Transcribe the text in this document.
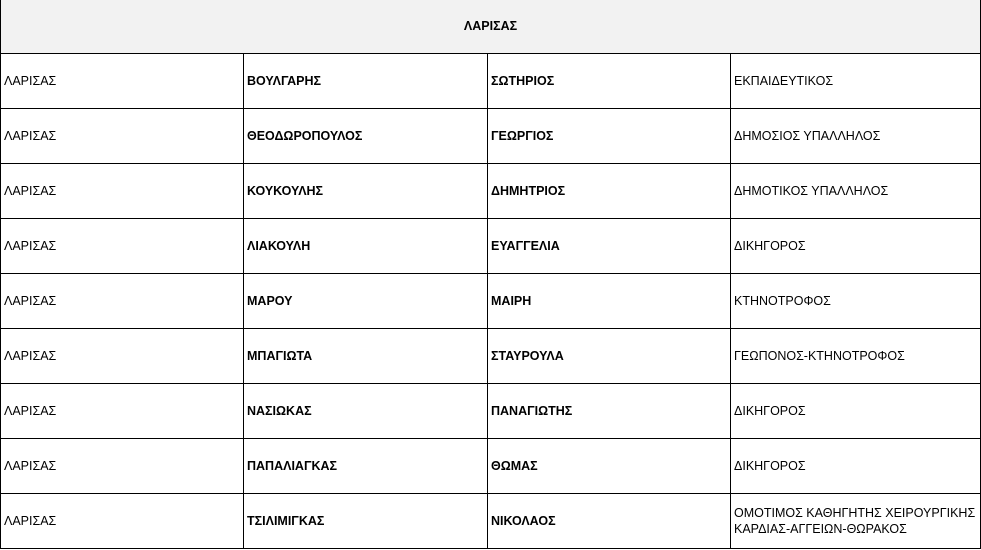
ΛΑΡΙΣΑΣ			
ΛΑΡΙΣΑΣ	ΒΟΥΛΓΑΡΗΣ	ΣΩΤΗΡΙΟΣ	ΕΚΠΑΙΔΕΥΤΙΚΟΣ
ΛΑΡΙΣΑΣ	ΘΕΟΔΩΡΟΠΟΥΛΟΣ	ΓΕΩΡΓΙΟΣ	ΔΗΜΟΣΙΟΣ ΥΠΑΛΛΗΛΟΣ
ΛΑΡΙΣΑΣ	ΚΟΥΚΟΥΛΗΣ	ΔΗΜΗΤΡΙΟΣ	ΔΗΜΟΤΙΚΟΣ ΥΠΑΛΛΗΛΟΣ
ΛΑΡΙΣΑΣ	ΛΙΑΚΟΥΛΗ	ΕΥΑΓΓΕΛΙΑ	ΔΙΚΗΓΟΡΟΣ
ΛΑΡΙΣΑΣ	ΜΑΡΟΥ	ΜΑΙΡΗ	ΚΤΗΝΟΤΡΟΦΟΣ
ΛΑΡΙΣΑΣ	ΜΠΑΓΙΩΤΑ	ΣΤΑΥΡΟΥΛΑ	ΓΕΩΠΟΝΟΣ-ΚΤΗΝΟΤΡΟΦΟΣ
ΛΑΡΙΣΑΣ	ΝΑΣΙΩΚΑΣ	ΠΑΝΑΓΙΩΤΗΣ	ΔΙΚΗΓΟΡΟΣ
ΛΑΡΙΣΑΣ	ΠΑΠΑΛΙΑΓΚΑΣ	ΘΩΜΑΣ	ΔΙΚΗΓΟΡΟΣ
ΛΑΡΙΣΑΣ	ΤΣΙΛΙΜΙΓΚΑΣ	ΝΙΚΟΛΑΟΣ	ΟΜΟΤΙΜΟΣ ΚΑΘΗΓΗΤΗΣ ΧΕΙΡΟΥΡΓΙΚΗΣ ΚΑΡΔΙΑΣ-ΑΓΓΕΙΩΝ-ΘΩΡΑΚΟΣ
